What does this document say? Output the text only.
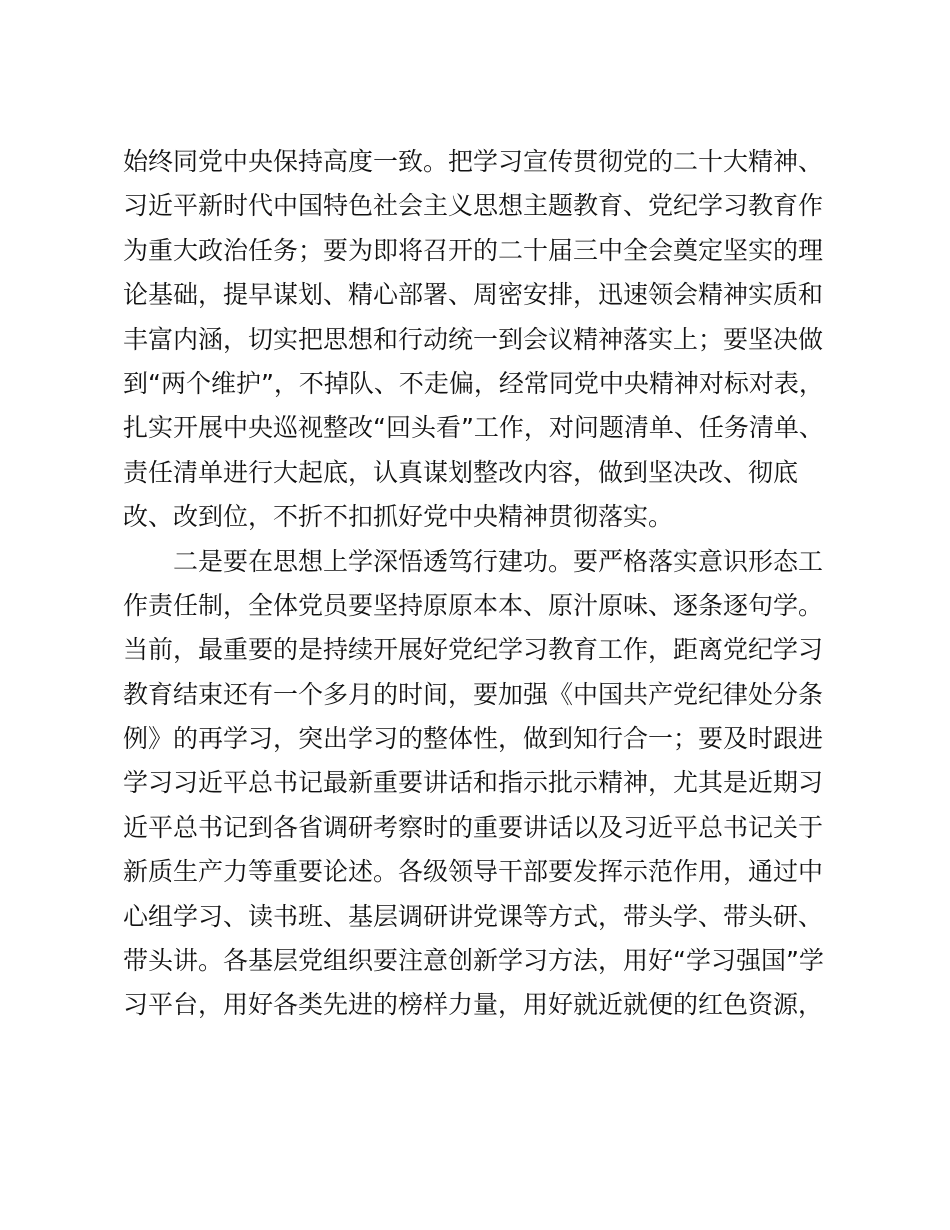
始终同党中央保持高度一致。把学习宣传贯彻党的二十大精神、
习近平新时代中国特色社会主义思想主题教育、党纪学习教育作
为重大政治任务；要为即将召开的二十届三中全会奠定坚实的理
论基础，提早谋划、精心部署、周密安排，迅速领会精神实质和
丰富内涵，切实把思想和行动统一到会议精神落实上；要坚决做
到“两个维护”，不掉队、不走偏，经常同党中央精神对标对表，
扎实开展中央巡视整改“回头看”工作，对问题清单、任务清单、
责任清单进行大起底，认真谋划整改内容，做到坚决改、彻底
改、改到位，不折不扣抓好党中央精神贯彻落实。
二是要在思想上学深悟透笃行建功。要严格落实意识形态工
作责任制，全体党员要坚持原原本本、原汁原味、逐条逐句学。
当前，最重要的是持续开展好党纪学习教育工作，距离党纪学习
教育结束还有一个多月的时间，要加强《中国共产党纪律处分条
例》的再学习，突出学习的整体性，做到知行合一；要及时跟进
学习习近平总书记最新重要讲话和指示批示精神，尤其是近期习
近平总书记到各省调研考察时的重要讲话以及习近平总书记关于
新质生产力等重要论述。各级领导干部要发挥示范作用，通过中
心组学习、读书班、基层调研讲党课等方式，带头学、带头研、
带头讲。各基层党组织要注意创新学习方法，用好“学习强国”学
习平台，用好各类先进的榜样力量，用好就近就便的红色资源，
